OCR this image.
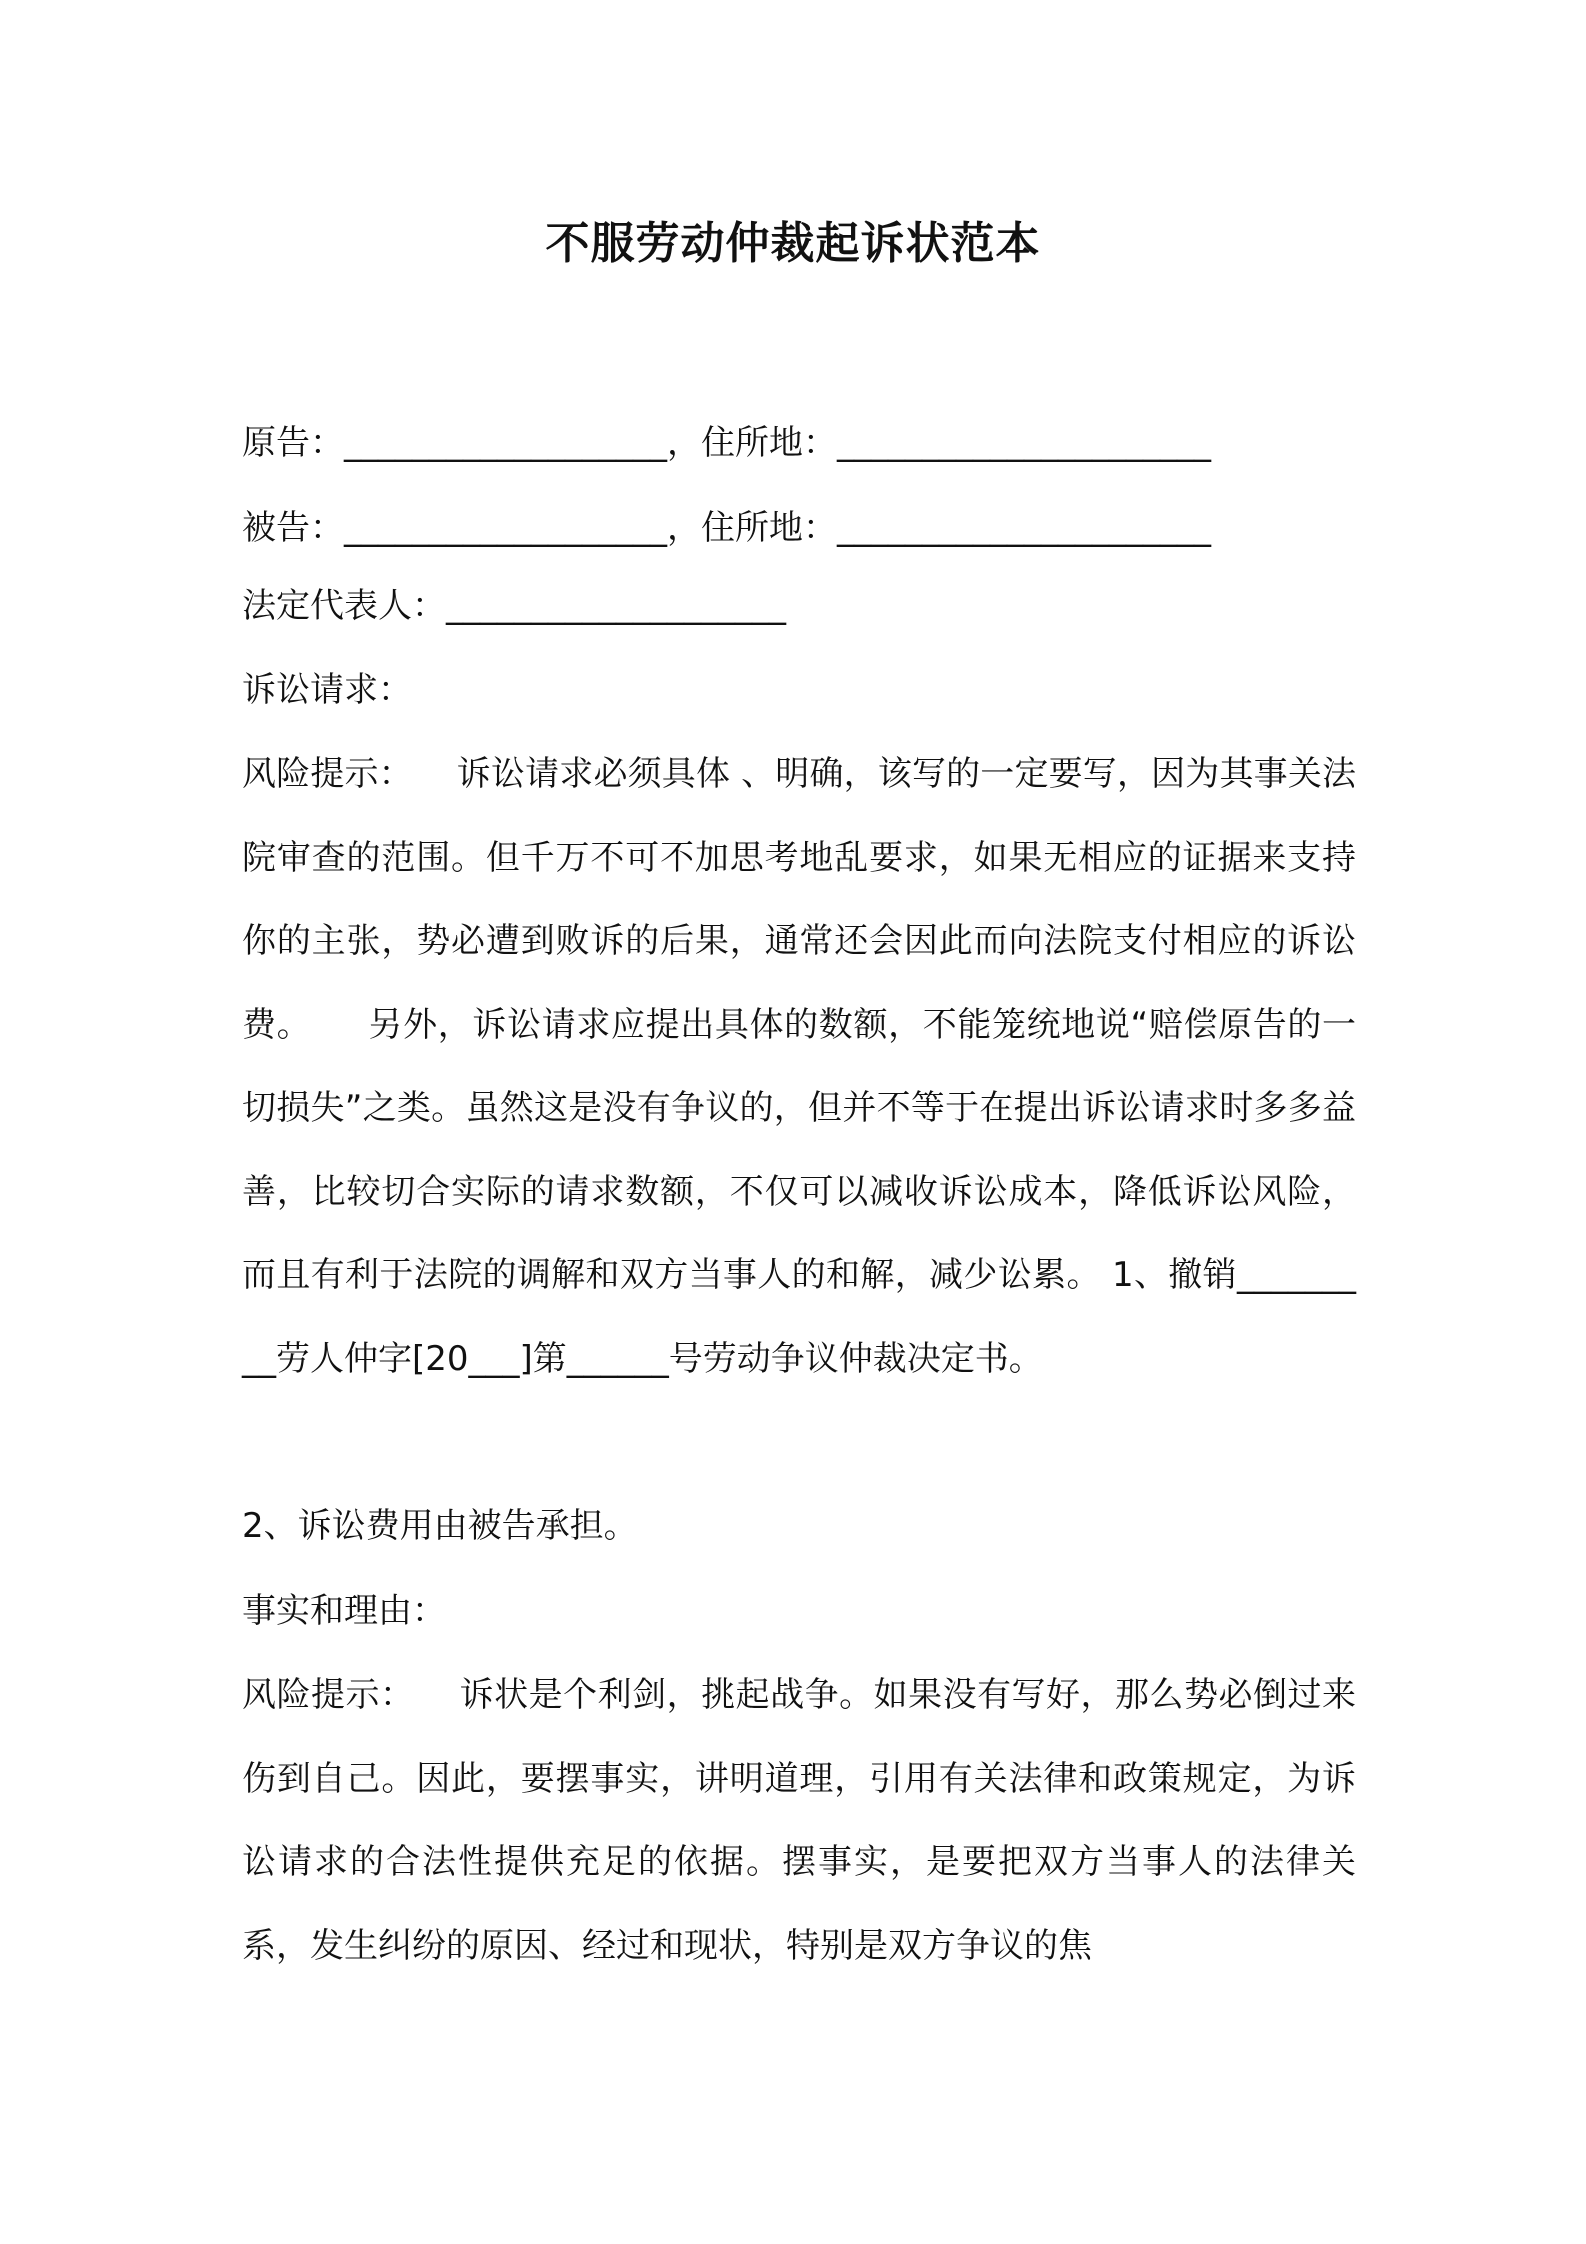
不服劳动仲裁起诉状范本
原告：___________________，住所地：______________________
被告：___________________，住所地：______________________
法定代表人：____________________
诉讼请求：
风险提示：    诉讼请求必须具体 、明确，该写的一定要写，因为其事关法院审查的范围。但千万不可不加思考地乱要求，如果无相应的证据来支持你的主张，势必遭到败诉的后果，通常还会因此而向法院支付相应的诉讼费。     另外，诉讼请求应提出具体的数额，不能笼统地说“赔偿原告的一切损失”之类。虽然这是没有争议的，但并不等于在提出诉讼请求时多多益善，比较切合实际的请求数额，不仅可以减收诉讼成本，降低诉讼风险，而且有利于法院的调解和双方当事人的和解，减少讼累。 1、撤销_________劳人仲字[20___]第______号劳动争议仲裁决定书。
2、诉讼费用由被告承担。
事实和理由：
风险提示：    诉状是个利剑，挑起战争。如果没有写好，那么势必倒过来伤到自己。因此，要摆事实，讲明道理，引用有关法律和政策规定，为诉讼请求的合法性提供充足的依据。摆事实，是要把双方当事人的法律关系，发生纠纷的原因、经过和现状，特别是双方争议的焦
